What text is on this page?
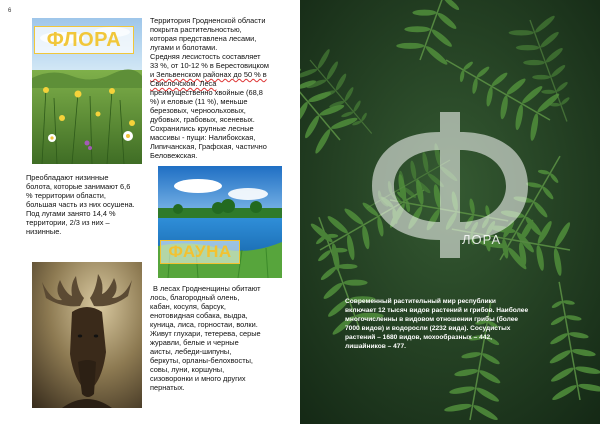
6
ФЛОРА

Территория Гродненской области

покрыта растительностью,

которая представлена лесами,

лугами и болотами.

Средняя лесистость составляет

33 %, от 10-12 % в Берестовицком

и Зельвенском районах до 50 % в

Свислочском. Леса

преимущественно хвойные (68,8

%) и еловые (11 %), меньше

березовых, черноольховых,

дубовых, грабовых, ясеневых.

Сохранились крупные лесные

массивы - пущи: Налибокская,

Липичанская, Графская, частично

Беловежская.

Преобладают низинные

болота, которые занимают 6,6

% территории области,

большая часть из них осушена.

Под лугами занято 14,4 %

территории, 2/3 из них –

низинные.

ФАУНА

В лесах Гродненщины обитают

лось, благородный олень,

кабан, косуля, барсук,

енотовидная собака, выдра,

куница, лиса, горностаи, волки.

Живут глухари, тетерева, серые

журавли, белые и черные

аисты, лебеди-шипуны,

беркуты, орланы-белохвосты,

совы, луни, коршуны,

сизоворонки и много других

пернатых.

ЛОРА

Современный растительный мир республики

включает 12 тысяч видов растений и грибов. Наиболее

многочисленны в видовом отношении грибы (более

7000 видов) и водоросли (2232 вида). Сосудистых

растений – 1680 видов, мохообразных – 442,

лишайников – 477.
